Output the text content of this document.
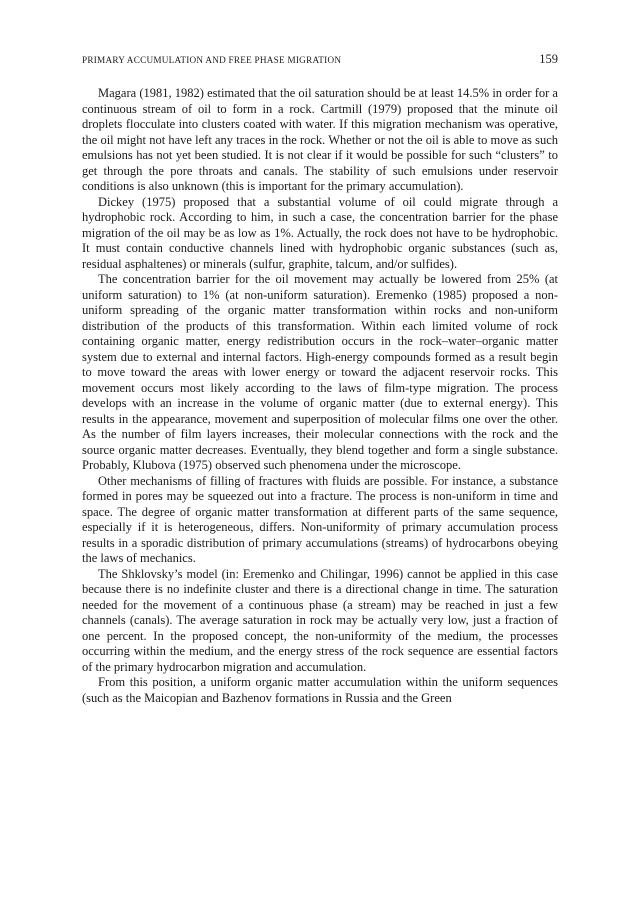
PRIMARY ACCUMULATION AND FREE PHASE MIGRATION	159

Magara (1981, 1982) estimated that the oil saturation should be at least 14.5% in order for a continuous stream of oil to form in a rock. Cartmill (1979) proposed that the minute oil droplets flocculate into clusters coated with water. If this migration mechanism was operative, the oil might not have left any traces in the rock. Whether or not the oil is able to move as such emulsions has not yet been studied. It is not clear if it would be possible for such “clusters” to get through the pore throats and canals. The stability of such emulsions under reservoir conditions is also unknown (this is important for the primary accumulation).

Dickey (1975) proposed that a substantial volume of oil could migrate through a hydrophobic rock. According to him, in such a case, the concentration barrier for the phase migration of the oil may be as low as 1%. Actually, the rock does not have to be hydrophobic. It must contain conductive channels lined with hydrophobic organic substances (such as, residual asphaltenes) or minerals (sulfur, graphite, talcum, and/or sulfides).

The concentration barrier for the oil movement may actually be lowered from 25% (at uniform saturation) to 1% (at non-uniform saturation). Eremenko (1985) proposed a non-uniform spreading of the organic matter transformation within rocks and non-uniform distribution of the products of this transformation. Within each limited volume of rock containing organic matter, energy redistribution occurs in the rock–water–organic matter system due to external and internal factors. High-energy compounds formed as a result begin to move toward the areas with lower energy or toward the adjacent reservoir rocks. This movement occurs most likely according to the laws of film-type migration. The process develops with an increase in the volume of organic matter (due to external energy). This results in the appearance, movement and superposition of molecular films one over the other. As the number of film layers increases, their molecular connections with the rock and the source organic matter decreases. Eventually, they blend together and form a single substance. Probably, Klubova (1975) observed such phenomena under the microscope.

Other mechanisms of filling of fractures with fluids are possible. For instance, a substance formed in pores may be squeezed out into a fracture. The process is non-uniform in time and space. The degree of organic matter transformation at different parts of the same sequence, especially if it is heterogeneous, differs. Non-uniformity of primary accumulation process results in a sporadic distribution of primary accumulations (streams) of hydrocarbons obeying the laws of mechanics.

The Shklovsky’s model (in: Eremenko and Chilingar, 1996) cannot be applied in this case because there is no indefinite cluster and there is a directional change in time. The saturation needed for the movement of a continuous phase (a stream) may be reached in just a few channels (canals). The average saturation in rock may be actually very low, just a fraction of one percent. In the proposed concept, the non-uniformity of the medium, the processes occurring within the medium, and the energy stress of the rock sequence are essential factors of the primary hydrocarbon migration and accumulation.

From this position, a uniform organic matter accumulation within the uniform sequences (such as the Maicopian and Bazhenov formations in Russia and the Green
